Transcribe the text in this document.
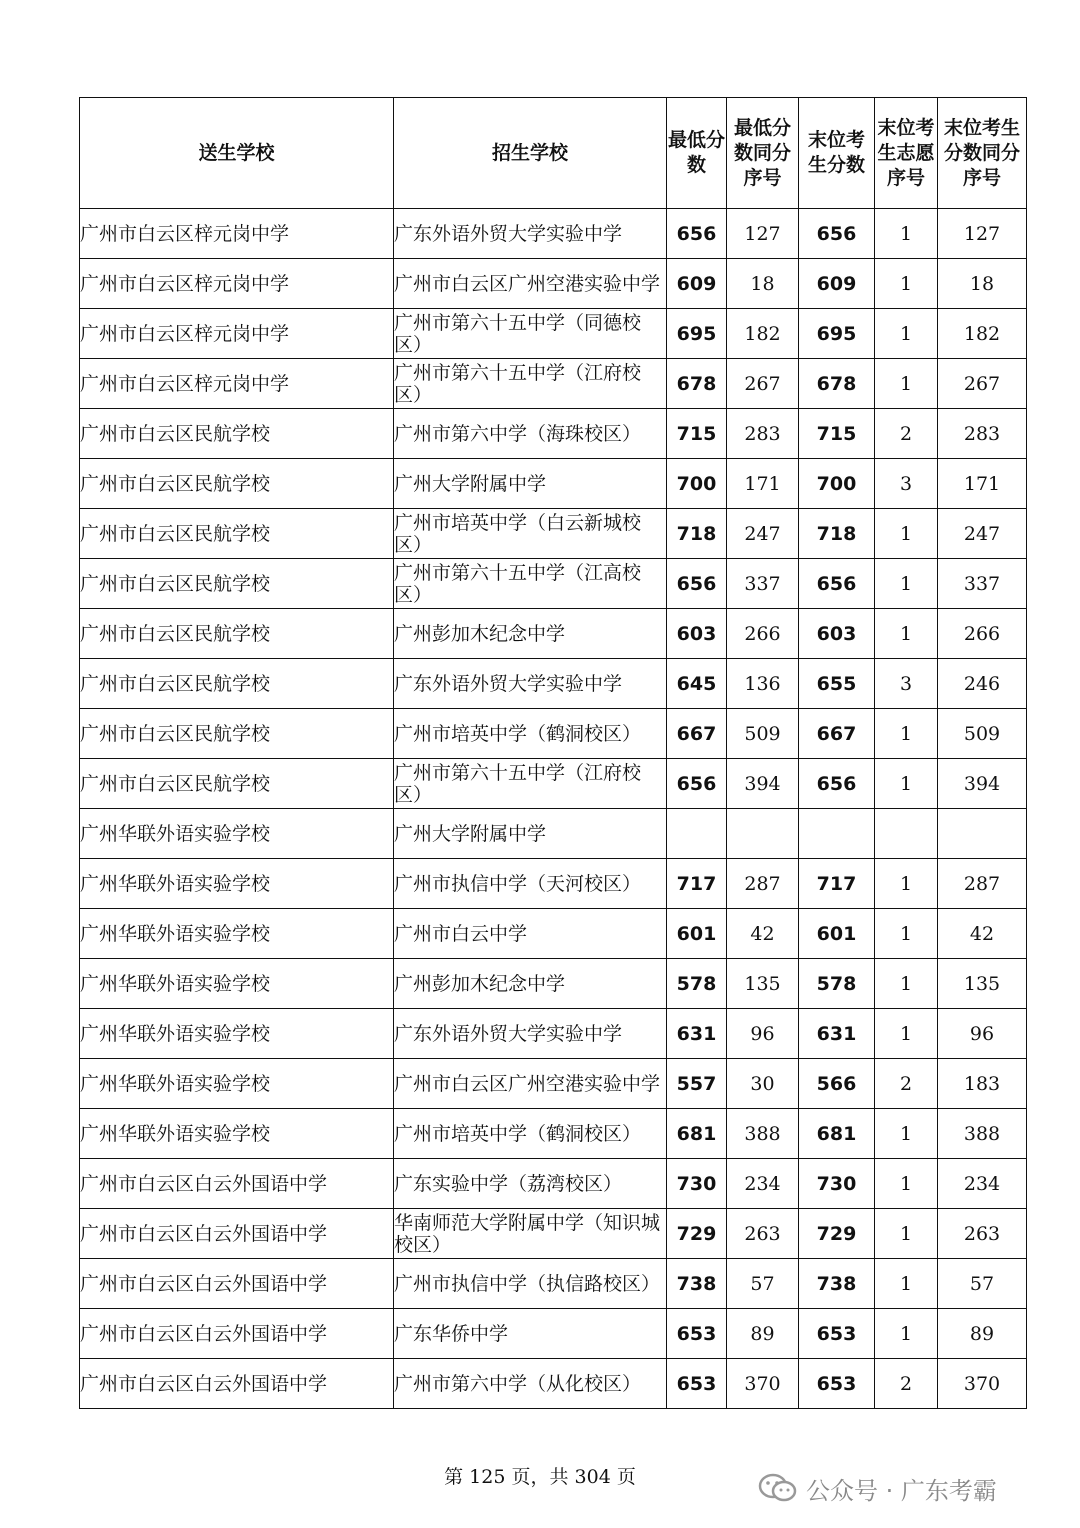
送生学校	招生学校	最低分数	最低分数同分序号	末位考生分数	末位考生志愿序号	末位考生分数同分序号
广州市白云区梓元岗中学	广东外语外贸大学实验中学	656	127	656	1	127
广州市白云区梓元岗中学	广州市白云区广州空港实验中学	609	18	609	1	18
广州市白云区梓元岗中学	广州市第六十五中学（同德校区）	695	182	695	1	182
广州市白云区梓元岗中学	广州市第六十五中学（江府校区）	678	267	678	1	267
广州市白云区民航学校	广州市第六中学（海珠校区）	715	283	715	2	283
广州市白云区民航学校	广州大学附属中学	700	171	700	3	171
广州市白云区民航学校	广州市培英中学（白云新城校区）	718	247	718	1	247
广州市白云区民航学校	广州市第六十五中学（江高校区）	656	337	656	1	337
广州市白云区民航学校	广州彭加木纪念中学	603	266	603	1	266
广州市白云区民航学校	广东外语外贸大学实验中学	645	136	655	3	246
广州市白云区民航学校	广州市培英中学（鹤洞校区）	667	509	667	1	509
广州市白云区民航学校	广州市第六十五中学（江府校区）	656	394	656	1	394
广州华联外语实验学校	广州大学附属中学					
广州华联外语实验学校	广州市执信中学（天河校区）	717	287	717	1	287
广州华联外语实验学校	广州市白云中学	601	42	601	1	42
广州华联外语实验学校	广州彭加木纪念中学	578	135	578	1	135
广州华联外语实验学校	广东外语外贸大学实验中学	631	96	631	1	96
广州华联外语实验学校	广州市白云区广州空港实验中学	557	30	566	2	183
广州华联外语实验学校	广州市培英中学（鹤洞校区）	681	388	681	1	388
广州市白云区白云外国语中学	广东实验中学（荔湾校区）	730	234	730	1	234
广州市白云区白云外国语中学	华南师范大学附属中学（知识城校区）	729	263	729	1	263
广州市白云区白云外国语中学	广州市执信中学（执信路校区）	738	57	738	1	57
广州市白云区白云外国语中学	广东华侨中学	653	89	653	1	89
广州市白云区白云外国语中学	广州市第六中学（从化校区）	653	370	653	2	370
第 125 页，共 304 页	公众号 · 广东考霸
